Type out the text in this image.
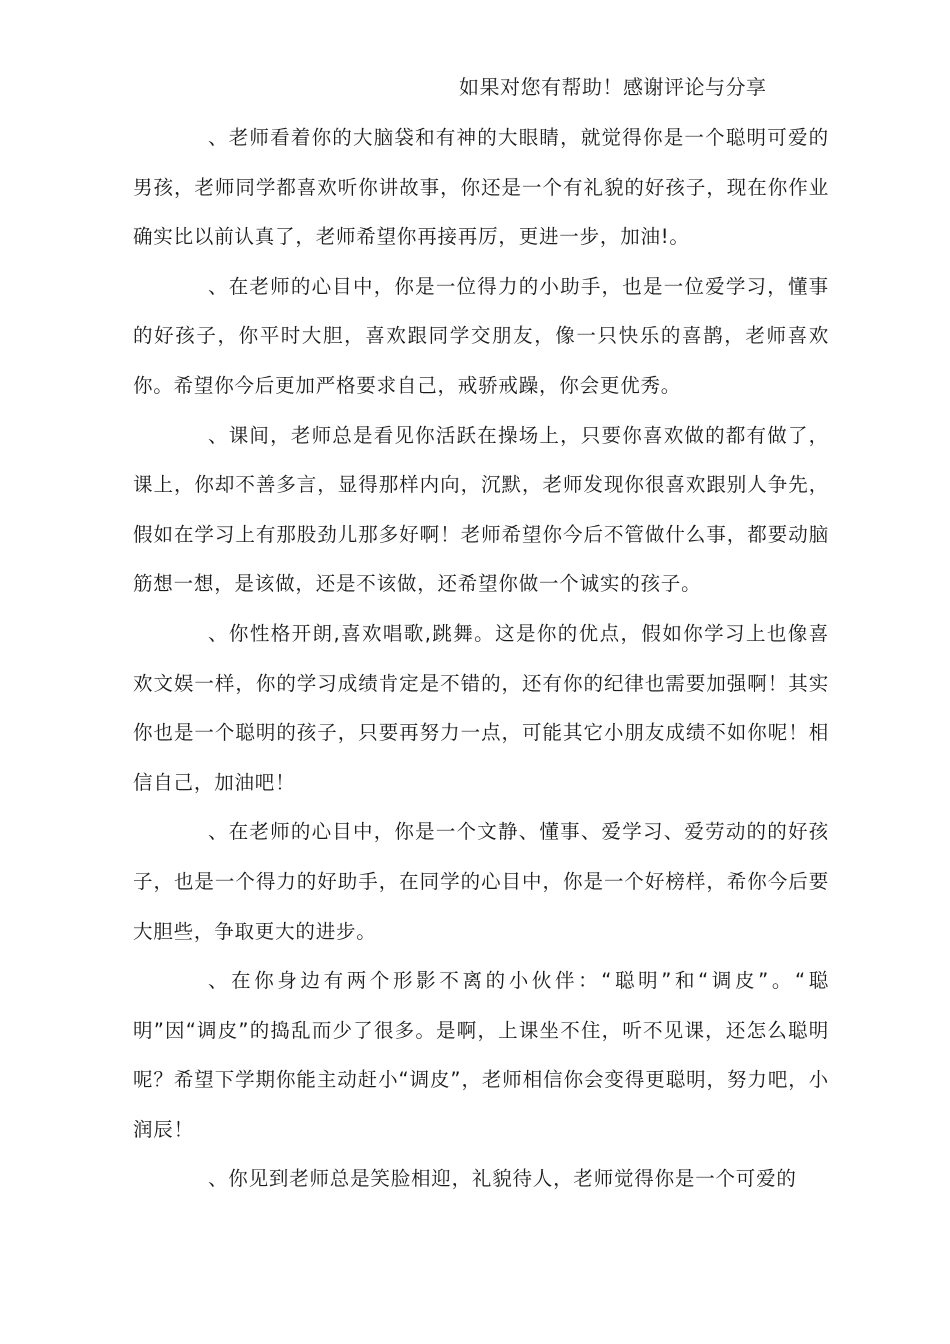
如果对您有帮助！感谢评论与分享

、老师看着你的大脑袋和有神的大眼睛，就觉得你是一个聪明可爱的男孩，老师同学都喜欢听你讲故事，你还是一个有礼貌的好孩子，现在你作业确实比以前认真了，老师希望你再接再厉，更进一步，加油!。

、在老师的心目中，你是一位得力的小助手，也是一位爱学习，懂事的好孩子，你平时大胆，喜欢跟同学交朋友，像一只快乐的喜鹊，老师喜欢你。希望你今后更加严格要求自己，戒骄戒躁，你会更优秀。

、课间，老师总是看见你活跃在操场上，只要你喜欢做的都有做了，课上，你却不善多言，显得那样内向，沉默，老师发现你很喜欢跟别人争先，假如在学习上有那股劲儿那多好啊！老师希望你今后不管做什么事，都要动脑筋想一想，是该做，还是不该做，还希望你做一个诚实的孩子。

、你性格开朗,喜欢唱歌,跳舞。这是你的优点，假如你学习上也像喜欢文娱一样，你的学习成绩肯定是不错的，还有你的纪律也需要加强啊！其实你也是一个聪明的孩子，只要再努力一点，可能其它小朋友成绩不如你呢！相信自己，加油吧！

、在老师的心目中，你是一个文静、懂事、爱学习、爱劳动的的好孩子，也是一个得力的好助手，在同学的心目中，你是一个好榜样，希你今后要大胆些，争取更大的进步。

、在你身边有两个形影不离的小伙伴：“聪明”和“调皮”。“聪明”因“调皮”的捣乱而少了很多。是啊，上课坐不住，听不见课，还怎么聪明呢？希望下学期你能主动赶小“调皮”，老师相信你会变得更聪明，努力吧，小润辰！

、你见到老师总是笑脸相迎，礼貌待人，老师觉得你是一个可爱的
